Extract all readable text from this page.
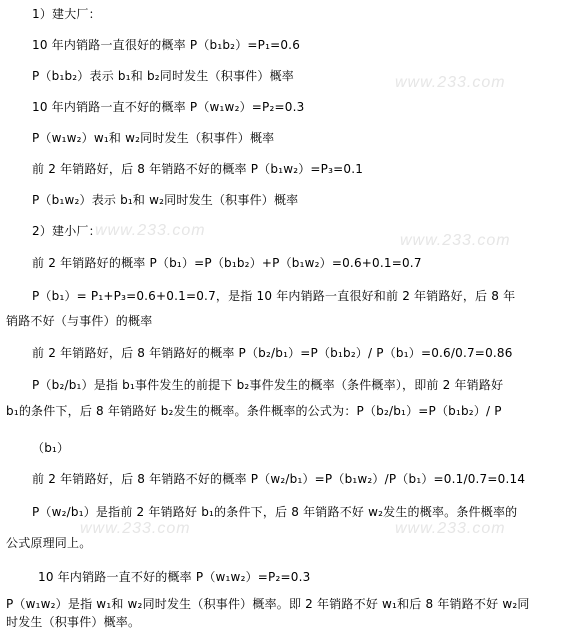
www.233.com
www.233.com
www.233.com
www.233.com	www.233.com
1）建大厂：
10 年内销路一直很好的概率 P（b₁b₂）=P₁=0.6
P（b₁b₂）表示 b₁和 b₂同时发生（积事件）概率
10 年内销路一直不好的概率 P（w₁w₂）=P₂=0.3
P（w₁w₂）w₁和 w₂同时发生（积事件）概率
前 2 年销路好，后 8 年销路不好的概率 P（b₁w₂）=P₃=0.1
P（b₁w₂）表示 b₁和 w₂同时发生（积事件）概率
2）建小厂：
前 2 年销路好的概率 P（b₁）=P（b₁b₂）+P（b₁w₂）=0.6+0.1=0.7
P（b₁）= P₁+P₃=0.6+0.1=0.7，是指 10 年内销路一直很好和前 2 年销路好，后 8 年
销路不好（与事件）的概率
前 2 年销路好，后 8 年销路好的概率 P（b₂/b₁）=P（b₁b₂）/ P（b₁）=0.6/0.7=0.86
P（b₂/b₁）是指 b₁事件发生的前提下 b₂事件发生的概率（条件概率），即前 2 年销路好
b₁的条件下，后 8 年销路好 b₂发生的概率。条件概率的公式为：P（b₂/b₁）=P（b₁b₂）/ P
（b₁）
前 2 年销路好，后 8 年销路不好的概率 P（w₂/b₁）=P（b₁w₂）/P（b₁）=0.1/0.7=0.14
P（w₂/b₁）是指前 2 年销路好 b₁的条件下，后 8 年销路不好 w₂发生的概率。条件概率的
公式原理同上。
10 年内销路一直不好的概率 P（w₁w₂）=P₂=0.3
P（w₁w₂）是指 w₁和 w₂同时发生（积事件）概率。即 2 年销路不好 w₁和后 8 年销路不好 w₂同
时发生（积事件）概率。
